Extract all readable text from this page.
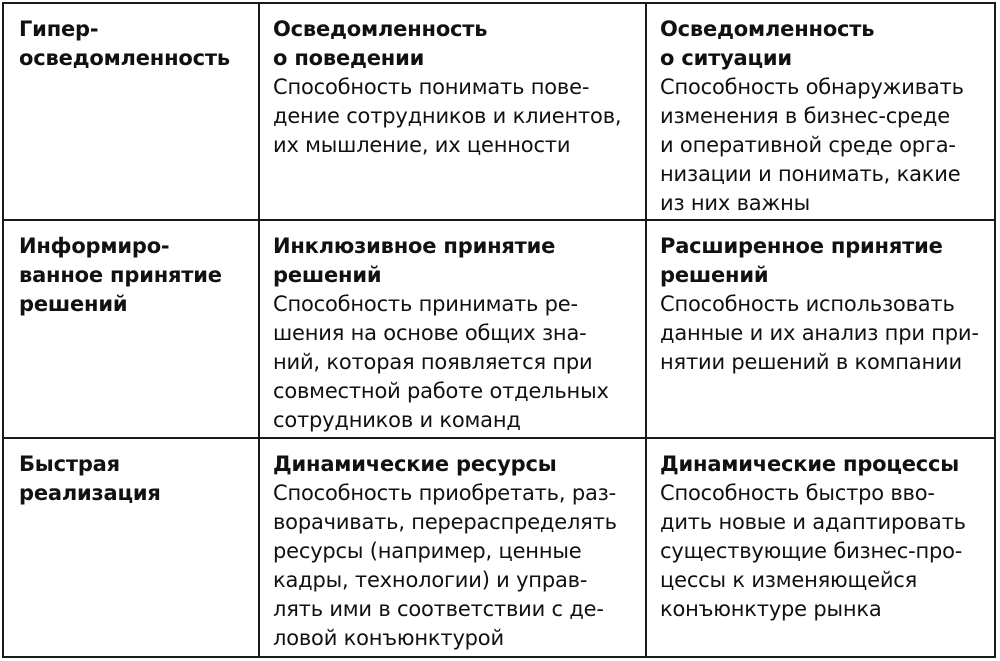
Гипер-
осведомленность
Осведомленность
о поведении
Способность понимать пове-
дение сотрудников и клиентов,
их мышление, их ценности
Осведомленность
о ситуации
Способность обнаруживать
изменения в бизнес-среде
и оперативной среде орга-
низации и понимать, какие
из них важны
Информиро-
ванное принятие
решений
Инклюзивное принятие
решений
Способность принимать ре-
шения на основе общих зна-
ний, которая появляется при
совместной работе отдельных
сотрудников и команд
Расширенное принятие
решений
Способность использовать
данные и их анализ при при-
нятии решений в компании
Быстрая
реализация
Динамические ресурсы
Способность приобретать, раз-
ворачивать, перераспределять
ресурсы (например, ценные
кадры, технологии) и управ-
лять ими в соответствии с де-
ловой конъюнктурой
Динамические процессы
Способность быстро вво-
дить новые и адаптировать
существующие бизнес-про-
цессы к изменяющейся
конъюнктуре рынка
